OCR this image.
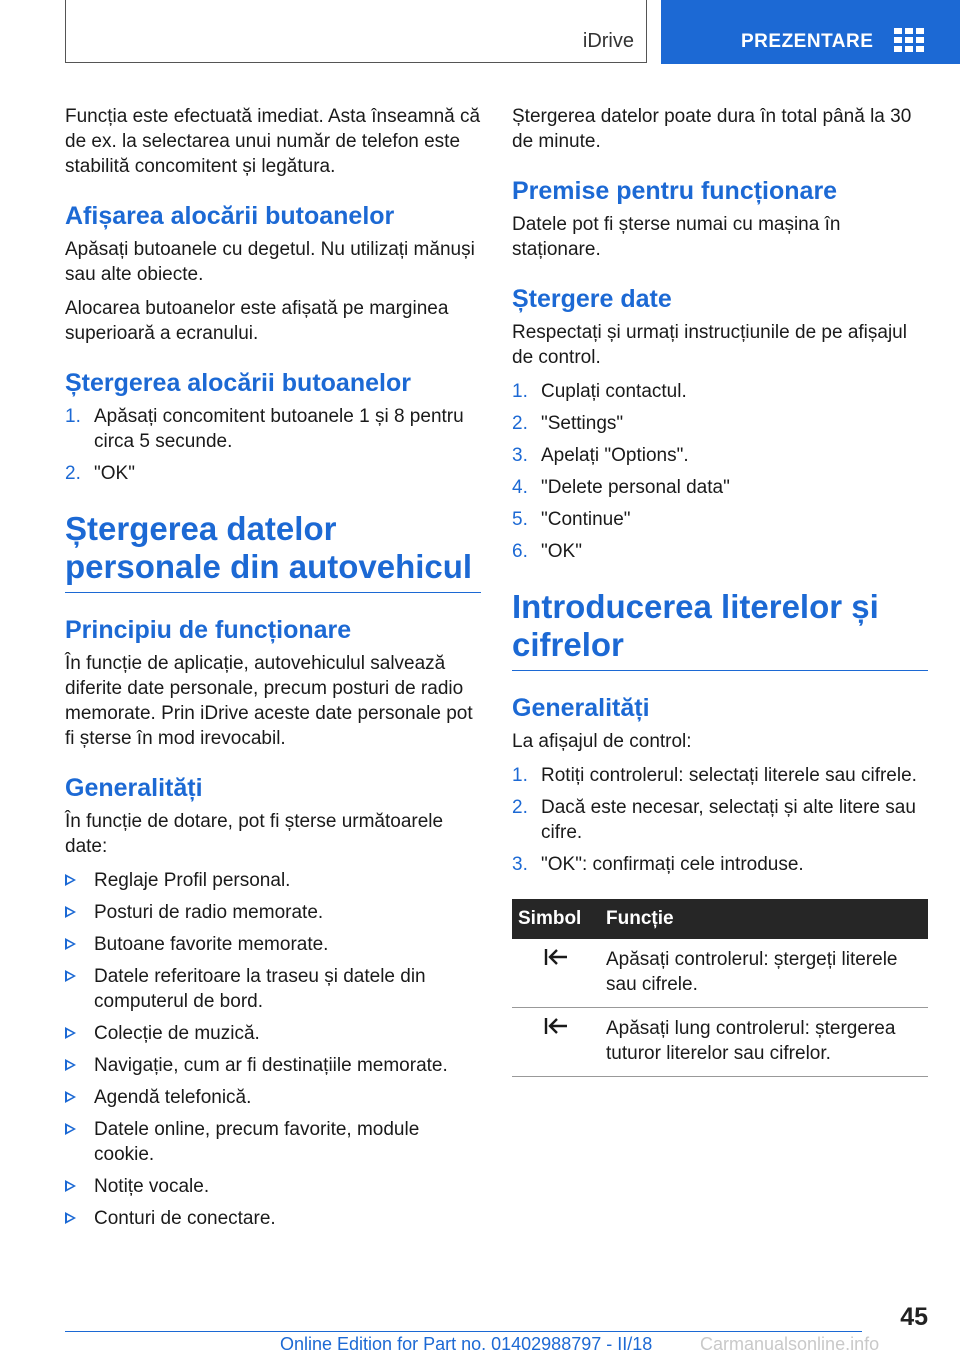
iDrive	PREZENTARE

Funcția este efectuată imediat. Asta înseamnă că de ex. la selectarea unui număr de telefon este stabilită concomitent și legătura.

Afișarea alocării butoanelor

Apăsați butoanele cu degetul. Nu utilizați mănuși sau alte obiecte.

Alocarea butoanelor este afișată pe marginea superioară a ecranului.

Ștergerea alocării butoanelor
1. Apăsați concomitent butoanele 1 și 8 pentru circa 5 secunde.
2. "OK"
Ștergerea datelor personale din autovehicul
Principiu de funcționare

În funcție de aplicație, autovehiculul salvează diferite date personale, precum posturi de radio memorate. Prin iDrive aceste date personale pot fi șterse în mod irevocabil.

Generalități

În funcție de dotare, pot fi șterse următoarele date:

Reglaje Profil personal.
Posturi de radio memorate.
Butoane favorite memorate.
Datele referitoare la traseu și datele din computerul de bord.
Colecție de muzică.
Navigație, cum ar fi destinațiile memorate.
Agendă telefonică.
Datele online, precum favorite, module cookie.
Notițe vocale.
Conturi de conectare.

Ștergerea datelor poate dura în total până la 30 de minute.

Premise pentru funcționare

Datele pot fi șterse numai cu mașina în staționare.

Ștergere date

Respectați și urmați instrucțiunile de pe afișajul de control.

1. Cuplați contactul.
2. "Settings"
3. Apelați "Options".
4. "Delete personal data"
5. "Continue"
6. "OK"
Introducerea literelor și cifrelor
Generalități

La afișajul de control:

1. Rotiți controlerul: selectați literele sau cifrele.
2. Dacă este necesar, selectați și alte litere sau cifre.
3. "OK": confirmați cele introduse.
Simbol	Funcție
	Apăsați controlerul: ștergeți literele sau cifrele.
	Apăsați lung controlerul: ștergerea tuturor literelor sau cifrelor.
45
Online Edition for Part no. 01402988797 - II/18	Carmanualsonline.info
